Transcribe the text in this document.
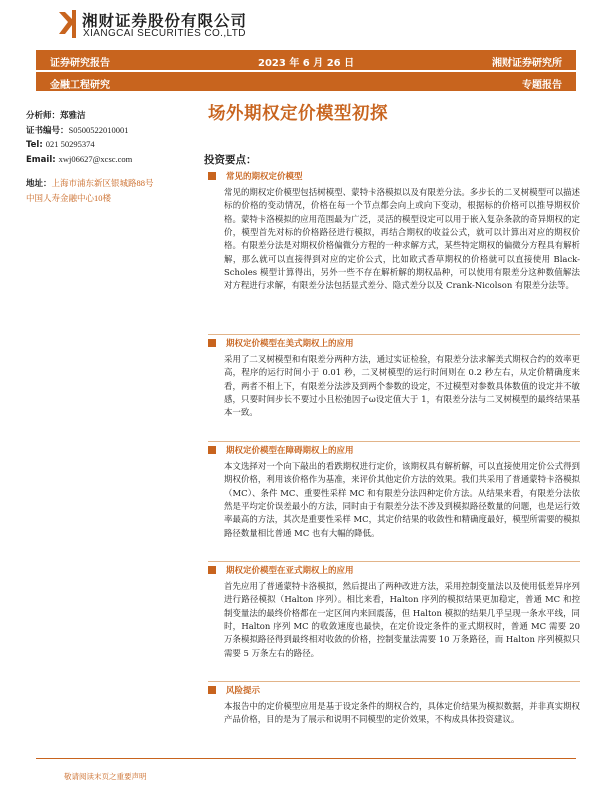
湘财证券股份有限公司
XIANGCAI SECURITIES CO.,LTD
证券研究报告	2023 年 6 月 26 日	湘财证券研究所
金融工程研究	专题报告
分析师：郑雅洁
证书编号：S0500522010001
Tel: 021 50295374
Email: xwj06627@xcsc.com
地址：上海市浦东新区银城路88号
中国人寿金融中心10楼
场外期权定价模型初探
投资要点：
常见的期权定价模型
常见的期权定价模型包括树模型、蒙特卡洛模拟以及有限差分法。多步长的二叉树模型可以描述标的价格的变动情况，价格在每一个节点都会向上或向下变动，根据标的价格可以推导期权价格。蒙特卡洛模拟的应用范围最为广泛，灵活的模型设定可以用于嵌入复杂条款的奇异期权的定价，模型首先对标的价格路径进行模拟，再结合期权的收益公式，就可以计算出对应的期权价格。有限差分法是对期权价格偏微分方程的一种求解方式，某些特定期权的偏微分方程具有解析解，那么就可以直接得到对应的定价公式，比如欧式香草期权的价格就可以直接使用 Black-Scholes 模型计算得出，另外一些不存在解析解的期权品种，可以使用有限差分这种数值解法对方程进行求解，有限差分法包括显式差分、隐式差分以及 Crank-Nicolson 有限差分法等。
期权定价模型在美式期权上的应用
采用了二叉树模型和有限差分两种方法，通过实证检验，有限差分法求解美式期权合约的效率更高，程序的运行时间小于 0.01 秒，二叉树模型的运行时间则在 0.2 秒左右，从定价精确度来看，两者不相上下，有限差分法涉及到两个参数的设定，不过模型对参数具体数值的设定并不敏感，只要时间步长不要过小且松弛因子ω设定值大于 1，有限差分法与二叉树模型的最终结果基本一致。
期权定价模型在障碍期权上的应用
本文选择对一个向下敲出的看跌期权进行定价，该期权具有解析解，可以直接使用定价公式得到期权价格，利用该价格作为基准，来评价其他定价方法的效果。我们共采用了普通蒙特卡洛模拟（MC）、条件 MC、重要性采样 MC 和有限差分法四种定价方法。从结果来看，有限差分法依然是平均定价误差最小的方法，同时由于有限差分法不涉及到模拟路径数量的问题，也是运行效率最高的方法，其次是重要性采样 MC，其定价结果的收敛性和精确度最好，模型所需要的模拟路径数量相比普通 MC 也有大幅的降低。
期权定价模型在亚式期权上的应用
首先应用了普通蒙特卡洛模拟，然后提出了两种改进方法，采用控制变量法以及使用低差异序列进行路径模拟（Halton 序列）。相比来看，Halton 序列的模拟结果更加稳定，普通 MC 和控制变量法的最终价格都在一定区间内来回震荡，但 Halton 模拟的结果几乎呈现一条水平线，同时，Halton 序列 MC 的收敛速度也最快，在定价设定条件的亚式期权时，普通 MC 需要 20 万条模拟路径得到最终相对收敛的价格，控制变量法需要 10 万条路径，而 Halton 序列模拟只需要 5 万条左右的路径。
风险提示
本报告中的定价模型应用是基于设定条件的期权合约，具体定价结果为模拟数据，并非真实期权产品价格，目的是为了展示和说明不同模型的定价效果，不构成具体投资建议。
敬请阅读末页之重要声明
